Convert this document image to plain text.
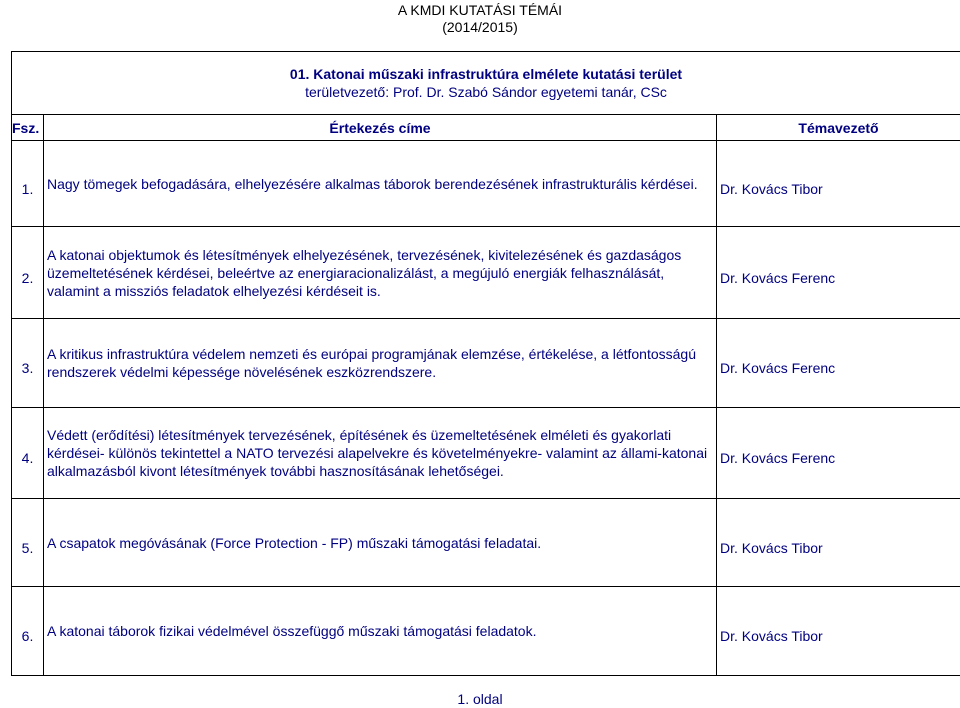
A KMDI KUTATÁSI TÉMÁI
(2014/2015)
01. Katonai műszaki infrastruktúra elmélete kutatási terület
területvezető: Prof. Dr. Szabó Sándor egyetemi tanár, CSc		

Fsz.	Értekezés címe	Témavezető
1.	Nagy tömegek befogadására, elhelyezésére alkalmas táborok berendezésének infrastrukturális kérdései.	Dr. Kovács Tibor
2.	A katonai objektumok és létesítmények elhelyezésének, tervezésének, kivitelezésének és gazdaságos üzemeltetésének kérdései, beleértve az energiaracionalizálást, a megújuló energiák felhasználását, valamint a missziós feladatok elhelyezési kérdéseit is.	Dr. Kovács Ferenc
3.	A kritikus infrastruktúra védelem nemzeti és európai programjának elemzése, értékelése, a létfontosságú rendszerek védelmi képessége növelésének eszközrendszere.	Dr. Kovács Ferenc
4.	Védett (erődítési) létesítmények tervezésének, építésének és üzemeltetésének elméleti és gyakorlati kérdései- különös tekintettel a NATO tervezési alapelvekre és követelményekre- valamint az állami-katonai alkalmazásból kivont létesítmények további hasznosításának lehetőségei.	Dr. Kovács Ferenc
5.	A csapatok megóvásának (Force Protection - FP) műszaki támogatási feladatai.	Dr. Kovács Tibor
6.	A katonai táborok fizikai védelmével összefüggő műszaki támogatási feladatok.	Dr. Kovács Tibor
1. oldal
